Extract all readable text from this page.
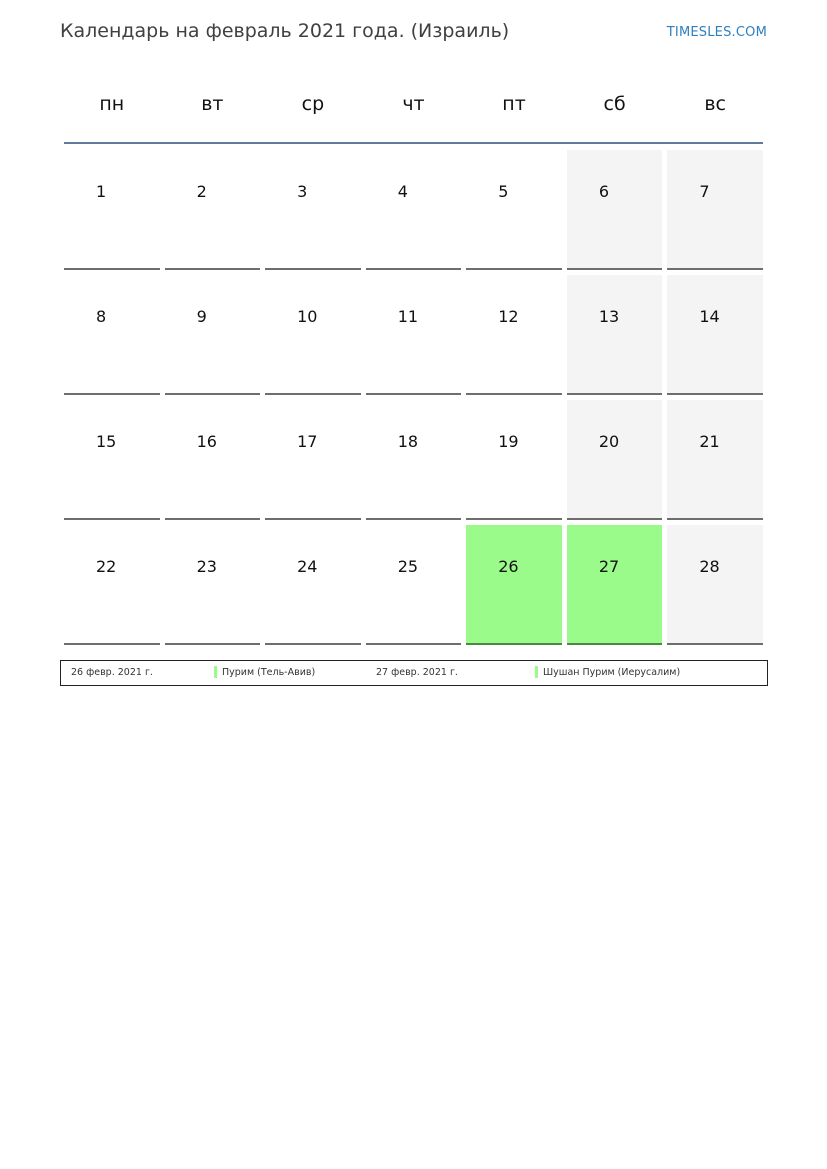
Календарь на февраль 2021 года. (Израиль)	TIMESLES.COM
пн	вт	ср	чт	пт	сб	вс
1	2	3	4	5	6	7
8	9	10	11	12	13	14
15	16	17	18	19	20	21
22	23	24	25	26	27	28
26 февр. 2021 г.	Пурим (Тель-Авив)	27 февр. 2021 г.	Шушан Пурим (Иерусалим)
